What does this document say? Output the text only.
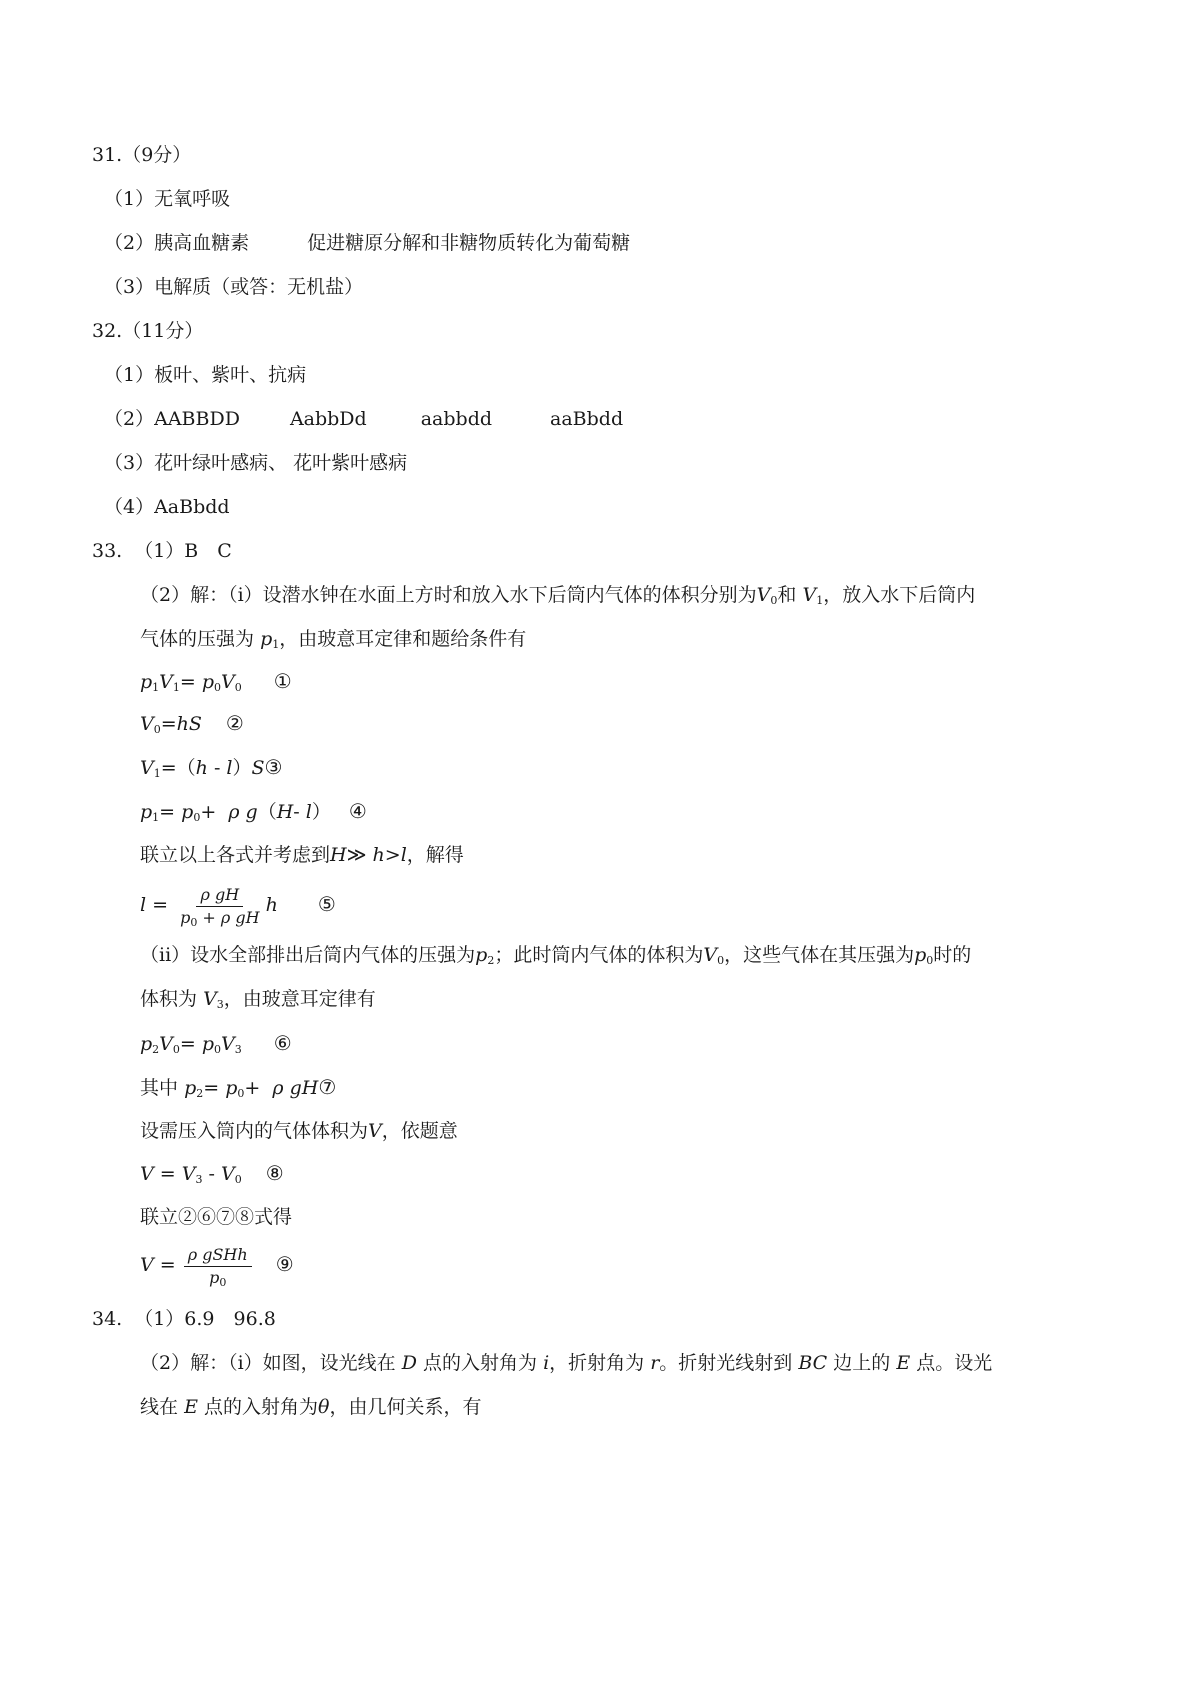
31.（9分）
（1）无氧呼吸
（2）胰高血糖素	促进糖原分解和非糖物质转化为葡萄糖
（3）电解质（或答：无机盐）
32.（11分）
（1）板叶、紫叶、抗病
（2）AABBDD	AabbDd	aabbdd	aaBbdd
（3）花叶绿叶感病、 花叶紫叶感病
（4）AaBbdd
33. （1）B　C
（2）解：（i）设潜水钟在水面上方时和放入水下后筒内气体的体积分别为$V_0$和 $V_1$，放入水下后筒内
气体的压强为 $p_1$，由玻意耳定律和题给条件有
$p_1V_1= p_0V_0$ ①
$V_0=hS$ ②
$V_1=(h$ - l）S③
$p_1= p_0+ \rho$ g（H- l） ④
联立以上各式并考虑到H≫ h>l，解得
$l = \frac{\text{ρ gH}}{p_0 + \rho gH}$ h ⑤
（ii）设水全部排出后筒内气体的压强为$p_2$；此时筒内气体的体积为$V_0$，这些气体在其压强为$p_0$时的
体积为 $V_3$，由玻意耳定律有
$p_2V_0= p_0V_3$ ⑥
其中 $p_2= p_0+ \rho$ gH⑦
设需压入筒内的气体体积为V，依题意
$V = V_3 - V_0$ ⑧
联立②⑥⑦⑧式得
$V = \frac{\text{ρ gSHh}}{p_0}$ ⑨
34. （1）6.9　96.8
（2）解：（i）如图，设光线在 D 点的入射角为 i，折射角为 r。折射光线射到 BC 边上的 E 点。设光
线在 E 点的入射角为θ，由几何关系，有
